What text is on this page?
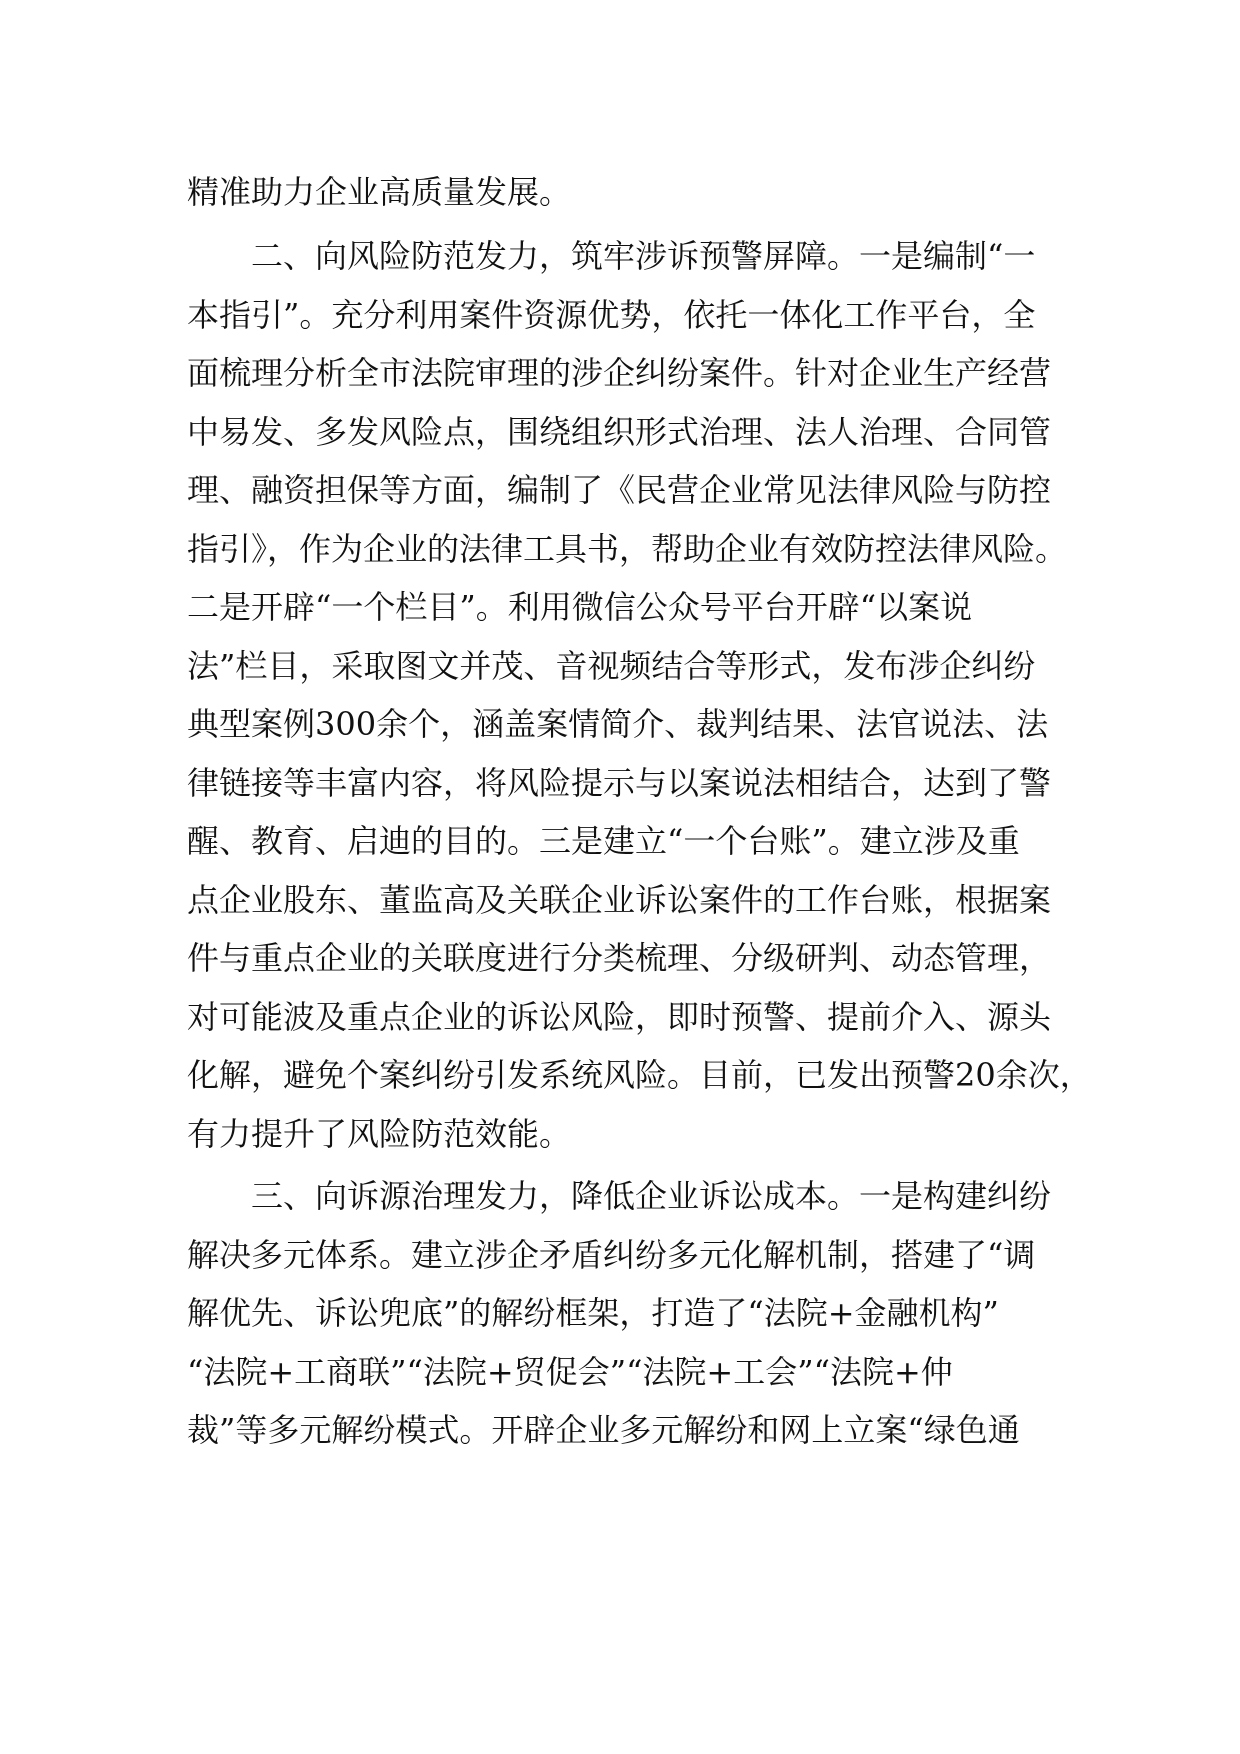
精准助力企业高质量发展。
二、向风险防范发力，筑牢涉诉预警屏障。一是编制“一
本指引”。充分利用案件资源优势，依托一体化工作平台，全
面梳理分析全市法院审理的涉企纠纷案件。针对企业生产经营
中易发、多发风险点，围绕组织形式治理、法人治理、合同管
理、融资担保等方面，编制了《民营企业常见法律风险与防控
指引》，作为企业的法律工具书，帮助企业有效防控法律风险。
二是开辟“一个栏目”。利用微信公众号平台开辟“以案说
法”栏目，采取图文并茂、音视频结合等形式，发布涉企纠纷
典型案例300余个，涵盖案情简介、裁判结果、法官说法、法
律链接等丰富内容，将风险提示与以案说法相结合，达到了警
醒、教育、启迪的目的。三是建立“一个台账”。建立涉及重
点企业股东、董监高及关联企业诉讼案件的工作台账，根据案
件与重点企业的关联度进行分类梳理、分级研判、动态管理，
对可能波及重点企业的诉讼风险，即时预警、提前介入、源头
化解，避免个案纠纷引发系统风险。目前，已发出预警20余次，
有力提升了风险防范效能。
三、向诉源治理发力，降低企业诉讼成本。一是构建纠纷
解决多元体系。建立涉企矛盾纠纷多元化解机制，搭建了“调
解优先、诉讼兜底”的解纷框架，打造了“法院+金融机构”
“法院+工商联”“法院+贸促会”“法院+工会”“法院+仲
裁”等多元解纷模式。开辟企业多元解纷和网上立案“绿色通
